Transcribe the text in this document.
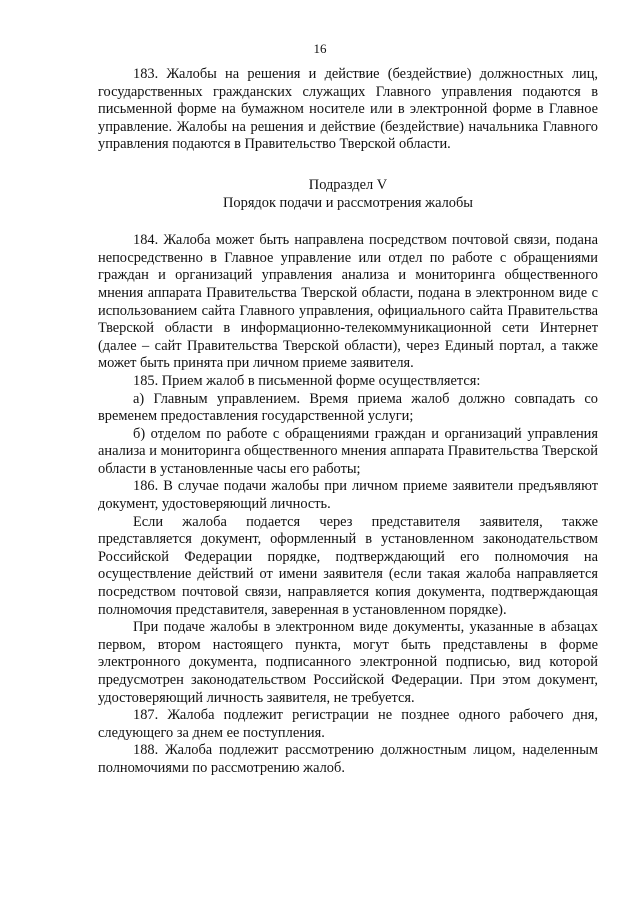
16

183. Жалобы на решения и действие (бездействие) должностных лиц, государственных гражданских служащих Главного управления подаются в письменной форме на бумажном носителе или в электронной форме в Главное управление. Жалобы на решения и действие (бездействие) начальника Главного управления подаются в Правительство Тверской области.

Подраздел V

Порядок подачи и рассмотрения жалобы

184. Жалоба может быть направлена посредством почтовой связи, подана непосредственно в Главное управление или отдел по работе с обращениями граждан и организаций управления анализа и мониторинга общественного мнения аппарата Правительства Тверской области, подана в электронном виде с использованием сайта Главного управления, официального сайта Правительства Тверской области в информационно-телекоммуникационной сети Интернет (далее – сайт Правительства Тверской области), через Единый портал, а также может быть принята при личном приеме заявителя.

185. Прием жалоб в письменной форме осуществляется:

а) Главным управлением. Время приема жалоб должно совпадать со временем предоставления государственной услуги;

б) отделом по работе с обращениями граждан и организаций управления анализа и мониторинга общественного мнения аппарата Правительства Тверской области в установленные часы его работы;

186. В случае подачи жалобы при личном приеме заявители предъявляют документ, удостоверяющий личность.

Если жалоба подается через представителя заявителя, также представляется документ, оформленный в установленном законодательством Российской Федерации порядке, подтверждающий его полномочия на осуществление действий от имени заявителя (если такая жалоба направляется посредством почтовой связи, направляется копия документа, подтверждающая полномочия представителя, заверенная в установленном порядке).

При подаче жалобы в электронном виде документы, указанные в абзацах первом, втором настоящего пункта, могут быть представлены в форме электронного документа, подписанного электронной подписью, вид которой предусмотрен законодательством Российской Федерации. При этом документ, удостоверяющий личность заявителя, не требуется.

187. Жалоба подлежит регистрации не позднее одного рабочего дня, следующего за днем ее поступления.

188. Жалоба подлежит рассмотрению должностным лицом, наделенным полномочиями по рассмотрению жалоб.
